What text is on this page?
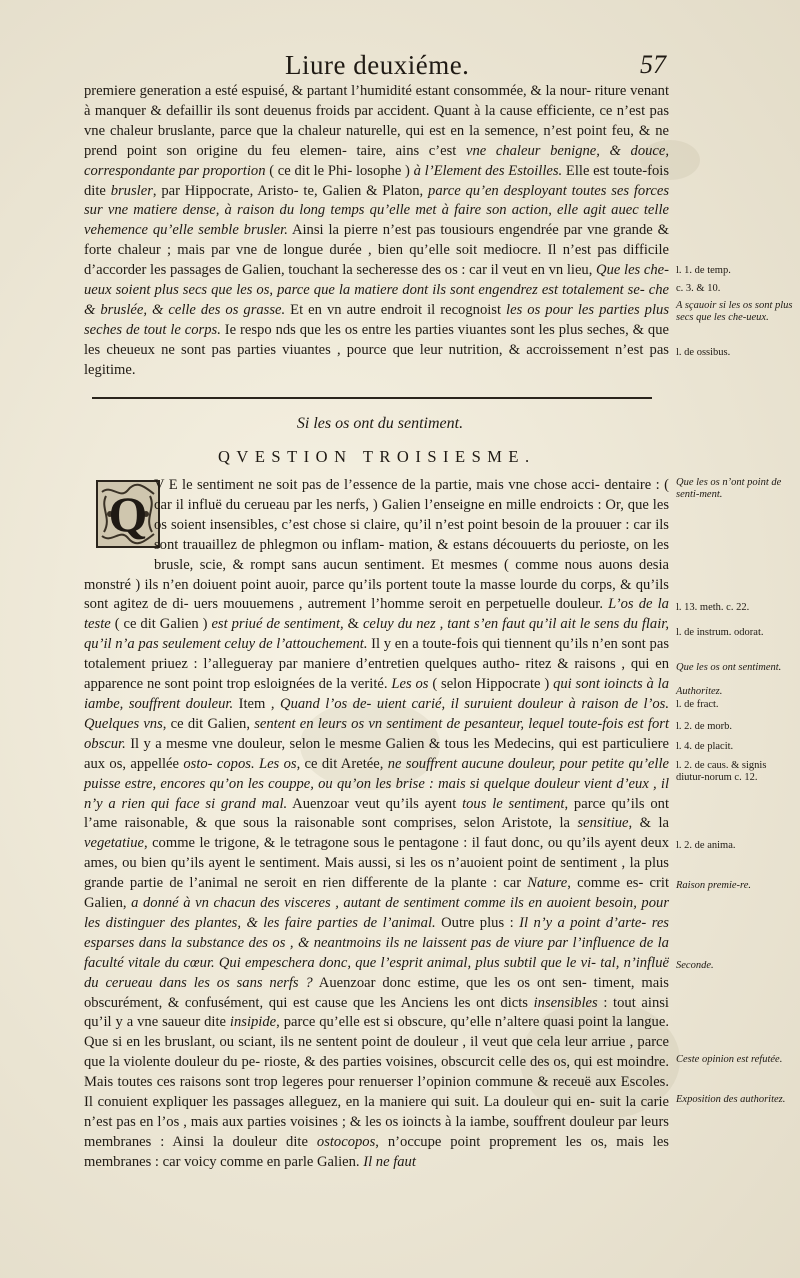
Liure deuxiéme.	57

premiere generation a esté espuisé, & partant l’humidité estant consommée, & la nour- riture venant à manquer & defaillir ils sont deuenus froids par accident. Quant à la cause efficiente, ce n’est pas vne chaleur bruslante, parce que la chaleur naturelle, qui est en la semence, n’est point feu, & ne prend point son origine du feu elemen- taire, ains c’est vne chaleur benigne, & douce, correspondante par proportion ( ce dit le Phi- losophe ) à l’Element des Estoilles. Elle est toute-fois dite brusler, par Hippocrate, Aristo- te, Galien & Platon, parce qu’en desployant toutes ses forces sur vne matiere dense, à raison du long temps qu’elle met à faire son action, elle agit auec telle vehemence qu’elle semble brusler. Ainsi la pierre n’est pas tousiours engendrée par vne grande & forte chaleur ; mais par vne de longue durée , bien qu’elle soit mediocre. Il n’est pas difficile d’accorder les passages de Galien, touchant la secheresse des os : car il veut en vn lieu, Que les che- ueux soient plus secs que les os, parce que la matiere dont ils sont engendrez est totalement se- che & bruslée, & celle des os grasse. Et en vn autre endroit il recognoist les os pour les parties plus seches de tout le corps. Ie respo nds que les os entre les parties viuantes sont les plus seches, & que les cheueux ne sont pas parties viuantes , pource que leur nutrition, & accroissement n’est pas legitime.

Si les os ont du sentiment.
QVESTION TROISIESME.
Q

V E le sentiment ne soit pas de l’essence de la partie, mais vne chose acci- dentaire : ( car il influë du cerueau par les nerfs, ) Galien l’enseigne en mille endroicts : Or, que les os soient insensibles, c’est chose si claire, qu’il n’est point besoin de la prouuer : car ils sont trauaillez de phlegmon ou inflam- mation, & estans découuerts du perioste, on les brusle, scie, & rompt sans aucun sentiment. Et mesmes ( comme nous auons desia monstré ) ils n’en doiuent point auoir, parce qu’ils portent toute la masse lourde du corps, & qu’ils sont agitez de di- uers mouuemens , autrement l’homme seroit en perpetuelle douleur. L’os de la teste ( ce dit Galien ) est priué de sentiment, & celuy du nez , tant s’en faut qu’il ait le sens du flair, qu’il n’a pas seulement celuy de l’attouchement. Il y en a toute-fois qui tiennent qu’ils n’en sont pas totalement priuez : l’allegueray par maniere d’entretien quelques autho- ritez & raisons , qui en apparence ne sont point trop esloignées de la verité. Les os ( selon Hippocrate ) qui sont ioincts à la iambe, souffrent douleur. Item , Quand l’os de- uient carié, il suruient douleur à raison de l’os. Quelques vns, ce dit Galien, sentent en leurs os vn sentiment de pesanteur, lequel toute-fois est fort obscur. Il y a mesme vne douleur, selon le mesme Galien & tous les Medecins, qui est particuliere aux os, appellée osto- copos. Les os, ce dit Aretée, ne souffrent aucune douleur, pour petite qu’elle puisse estre, encores qu’on les couppe, ou qu’on les brise : mais si quelque douleur vient d’eux , il n’y a rien qui face si grand mal. Auenzoar veut qu’ils ayent tous le sentiment, parce qu’ils ont l’ame raisonable, & que sous la raisonable sont comprises, selon Aristote, la sensitiue, & la vegetatiue, comme le trigone, & le tetragone sous le pentagone : il faut donc, ou qu’ils ayent deux ames, ou bien qu’ils ayent le sentiment. Mais aussi, si les os n’auoient point de sentiment , la plus grande partie de l’animal ne seroit en rien differente de la plante : car Nature, comme es- crit Galien, a donné à vn chacun des visceres , autant de sentiment comme ils en auoient besoin, pour les distinguer des plantes, & les faire parties de l’animal. Outre plus : Il n’y a point d’arte- res esparses dans la substance des os , & neantmoins ils ne laissent pas de viure par l’influence de la faculté vitale du cœur. Qui empeschera donc, que l’esprit animal, plus subtil que le vi- tal, n’influë du cerueau dans les os sans nerfs ? Auenzoar donc estime, que les os ont sen- timent, mais obscurément, & confusément, qui est cause que les Anciens les ont dicts insensibles : tout ainsi qu’il y a vne saueur dite insipide, parce qu’elle est si obscure, qu’elle n’altere quasi point la langue. Que si en les bruslant, ou sciant, ils ne sentent point de douleur , il veut que cela leur arriue , parce que la violente douleur du pe- rioste, & des parties voisines, obscurcit celle des os, qui est moindre. Mais toutes ces raisons sont trop legeres pour renuerser l’opinion commune & receuë aux Escoles. Il conuient expliquer les passages alleguez, en la maniere qui suit. La douleur qui en- suit la carie n’est pas en l’os , mais aux parties voisines ; & les os ioincts à la iambe, souffrent douleur par leurs membranes : Ainsi la douleur dite ostocopos, n’occupe point proprement les os, mais les membranes : car voicy comme en parle Galien. Il ne faut

l. 1. de temp.
c. 3. & 10.
A sçauoir si les os sont plus secs que les che-ueux.
l. de ossibus.
Que les os n’ont point de senti-ment.
l. 13. meth. c. 22.
l. de instrum. odorat.
Que les os ont sentiment.
Authoritez.
l. de fract.
l. 2. de morb.
l. 4. de placit.
l. 2. de caus. & signis diutur-norum c. 12.
l. 2. de anima.
Raison premie-re.
Seconde.
Ceste opinion est refutée.
Exposition des authoritez.
